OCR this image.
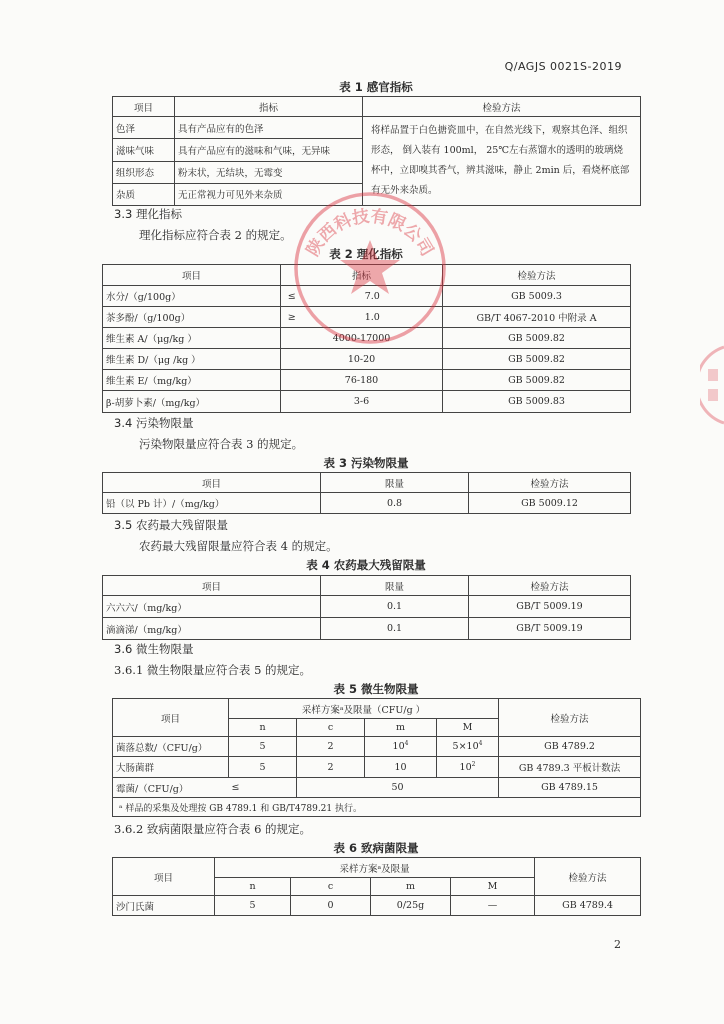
Q/AGJS 0021S-2019
表 1 感官指标
项目	指标	检验方法
色泽	具有产品应有的色泽	将样品置于白色搪瓷皿中，在自然光线下，观察其色泽、组织形态， 倒入装有 100ml， 25℃左右蒸馏水的透明的玻璃烧杯中，立即嗅其香气，辨其滋味，静止 2min 后，看烧杯底部有无外来杂质。
滋味气味	具有产品应有的滋味和气味，无异味	
组织形态	粉末状，无结块，无霉变	
杂质	无正常视力可见外来杂质	
3.3 理化指标
理化指标应符合表 2 的规定。
表 2 理化指标
项目	指标		检验方法
水分/（g/100g）	≤	7.0	GB 5009.3
茶多酚/（g/100g）	≥	1.0	GB/T 4067-2010 中附录 A
维生素 A/（μg/kg ）	4000-17000		GB 5009.82
维生素 D/（μg /kg ）	10-20		GB 5009.82
维生素 E/（mg/kg）	76-180		GB 5009.82
β-胡萝卜素/（mg/kg）	3-6		GB 5009.83
3.4 污染物限量
污染物限量应符合表 3 的规定。
表 3 污染物限量
项目	限量	检验方法
铅（以 Pb 计）/（mg/kg）	0.8	GB 5009.12
3.5 农药最大残留限量
农药最大残留限量应符合表 4 的规定。
表 4 农药最大残留限量
项目	限量	检验方法
六六六/（mg/kg）	0.1	GB/T 5009.19
滴滴涕/（mg/kg）	0.1	GB/T 5009.19
3.6 微生物限量
3.6.1 微生物限量应符合表 5 的规定。
表 5 微生物限量
项目	采样方案ᵃ及限量（CFU/g ）				检验方法
	n	c	m	M	
菌落总数/（CFU/g）	5	2	$10^4$	$5\times 10^4$	GB 4789.2
大肠菌群	5	2	10	$10^2$	GB 4789.3 平板计数法
霉菌/（CFU/g）	≤	50			GB 4789.15
ᵃ 样品的采集及处理按 GB 4789.1 和 GB/T4789.21 执行。					
3.6.2 致病菌限量应符合表 6 的规定。
表 6 致病菌限量
项目	采样方案ᵃ及限量				检验方法
	n	c	m	M	
沙门氏菌	5	0	0/25g	—	GB 4789.4
2
陕西科技有限公司
